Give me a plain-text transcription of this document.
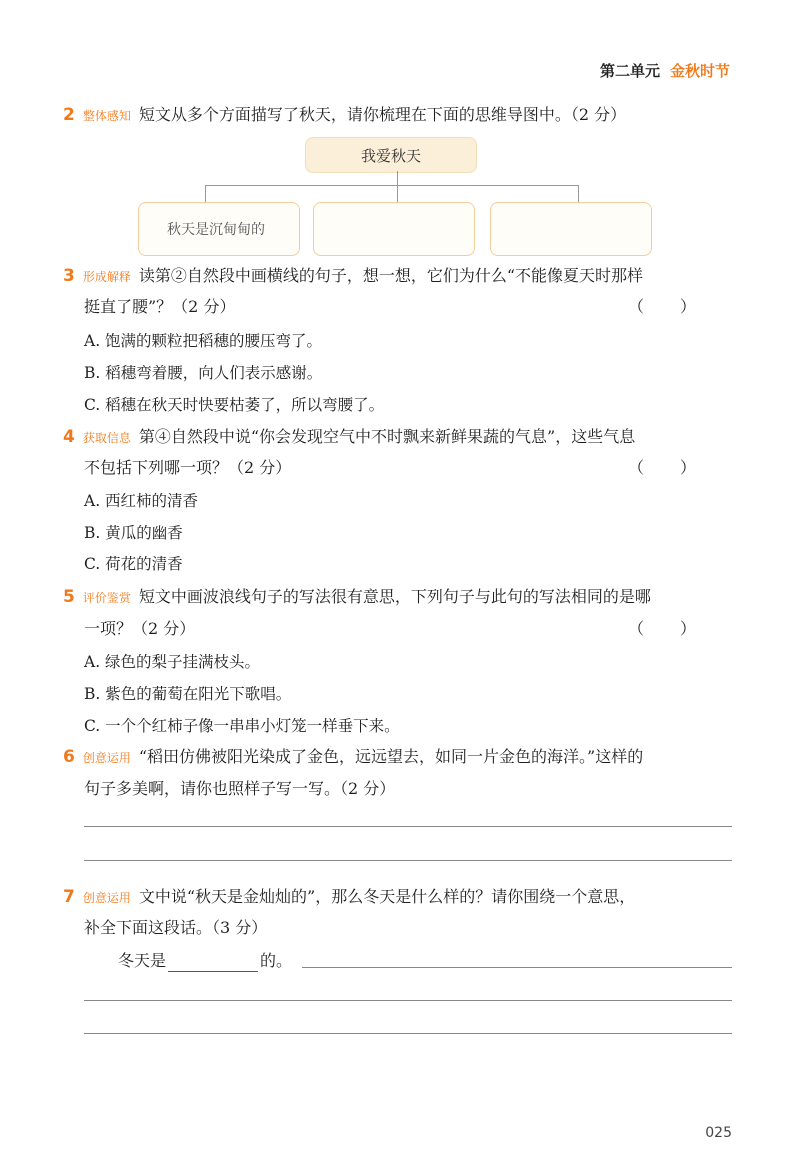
第二单元 金秋时节
2 整体感知 短文从多个方面描写了秋天，请你梳理在下面的思维导图中。（2 分）
我爱秋天
秋天是沉甸甸的
3 形成解释 读第②自然段中画横线的句子，想一想，它们为什么“不能像夏天时那样
挺直了腰”？（2 分）	（）
A. 饱满的颗粒把稻穗的腰压弯了。
B. 稻穗弯着腰，向人们表示感谢。
C. 稻穗在秋天时快要枯萎了，所以弯腰了。
4 获取信息 第④自然段中说“你会发现空气中不时飘来新鲜果蔬的气息”，这些气息
不包括下列哪一项？（2 分）	（）
A. 西红柿的清香
B. 黄瓜的幽香
C. 荷花的清香
5 评价鉴赏 短文中画波浪线句子的写法很有意思，下列句子与此句的写法相同的是哪
一项？（2 分）	（）
A. 绿色的梨子挂满枝头。
B. 紫色的葡萄在阳光下歌唱。
C. 一个个红柿子像一串串小灯笼一样垂下来。
6 创意运用 “稻田仿佛被阳光染成了金色，远远望去，如同一片金色的海洋。”这样的
句子多美啊，请你也照样子写一写。（2 分）
7 创意运用 文中说“秋天是金灿灿的”，那么冬天是什么样的？请你围绕一个意思，
补全下面这段话。（3 分）
冬天是	的。
025
